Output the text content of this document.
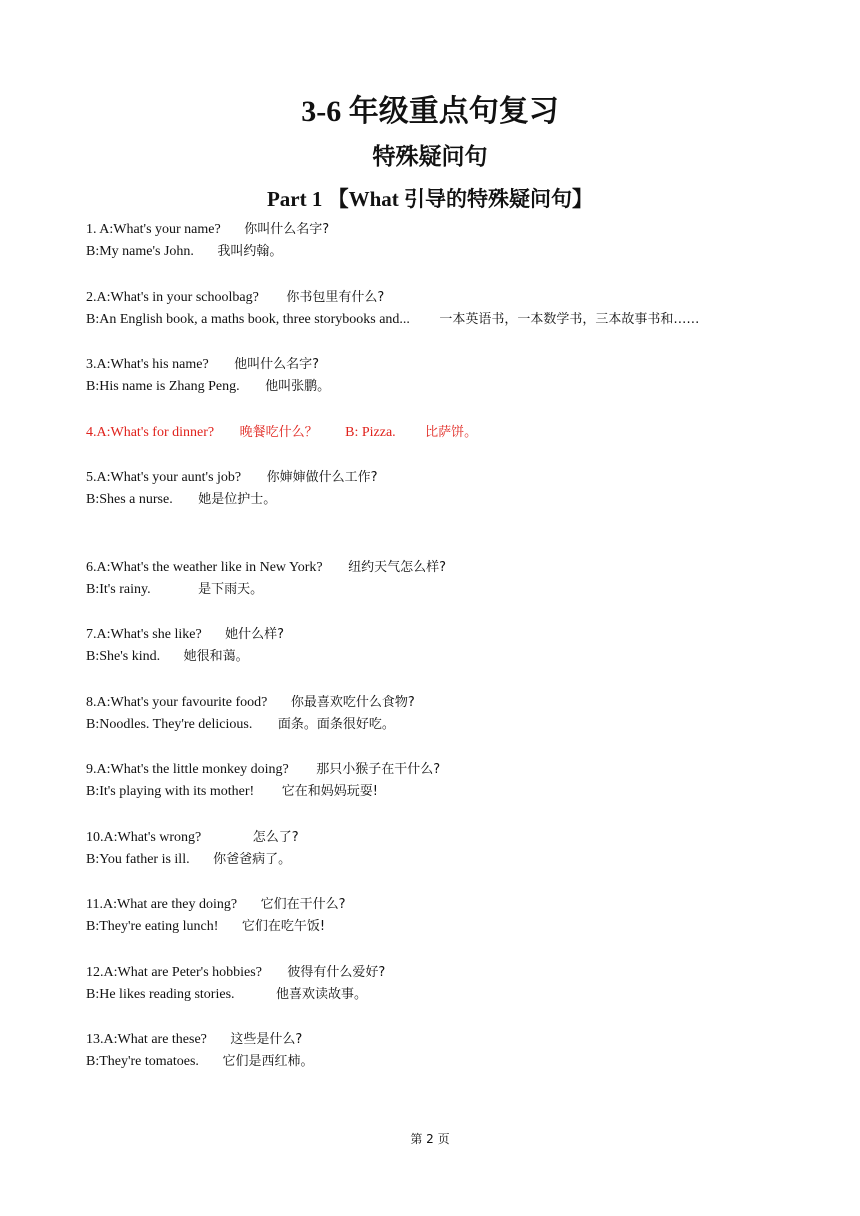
3-6 年级重点句复习
特殊疑问句
Part 1 【What 引导的特殊疑问句】
1. A:What's your name? 你叫什么名字?
B:My name's John. 我叫约翰。
2.A:What's in your schoolbag? 你书包里有什么?
B:An English book, a maths book, three storybooks and... 一本英语书，一本数学书，三本故事书和……
3.A:What's his name? 他叫什么名字?
B:His name is Zhang Peng. 他叫张鹏。
4.A:What's for dinner? 晚餐吃什么？ B: Pizza. 比萨饼。
5.A:What's your aunt's job? 你婶婶做什么工作?
B:Shes a nurse. 她是位护士。
6.A:What's the weather like in New York? 纽约天气怎么样?
B:It's rainy.	是下雨天。
7.A:What's she like? 她什么样?
B:She's kind. 她很和蔼。
8.A:What's your favourite food? 你最喜欢吃什么食物?
B:Noodles. They're delicious. 面条。面条很好吃。
9.A:What's the little monkey doing? 那只小猴子在干什么?
B:It's playing with its mother! 它在和妈妈玩耍!
10.A:What's wrong?	怎么了?
B:You father is ill. 你爸爸病了。
11.A:What are they doing? 它们在干什么?
B:They're eating lunch! 它们在吃午饭!
12.A:What are Peter's hobbies? 彼得有什么爱好?
B:He likes reading stories.	他喜欢读故事。
13.A:What are these? 这些是什么?
B:They're tomatoes. 它们是西红柿。
第 2 页
